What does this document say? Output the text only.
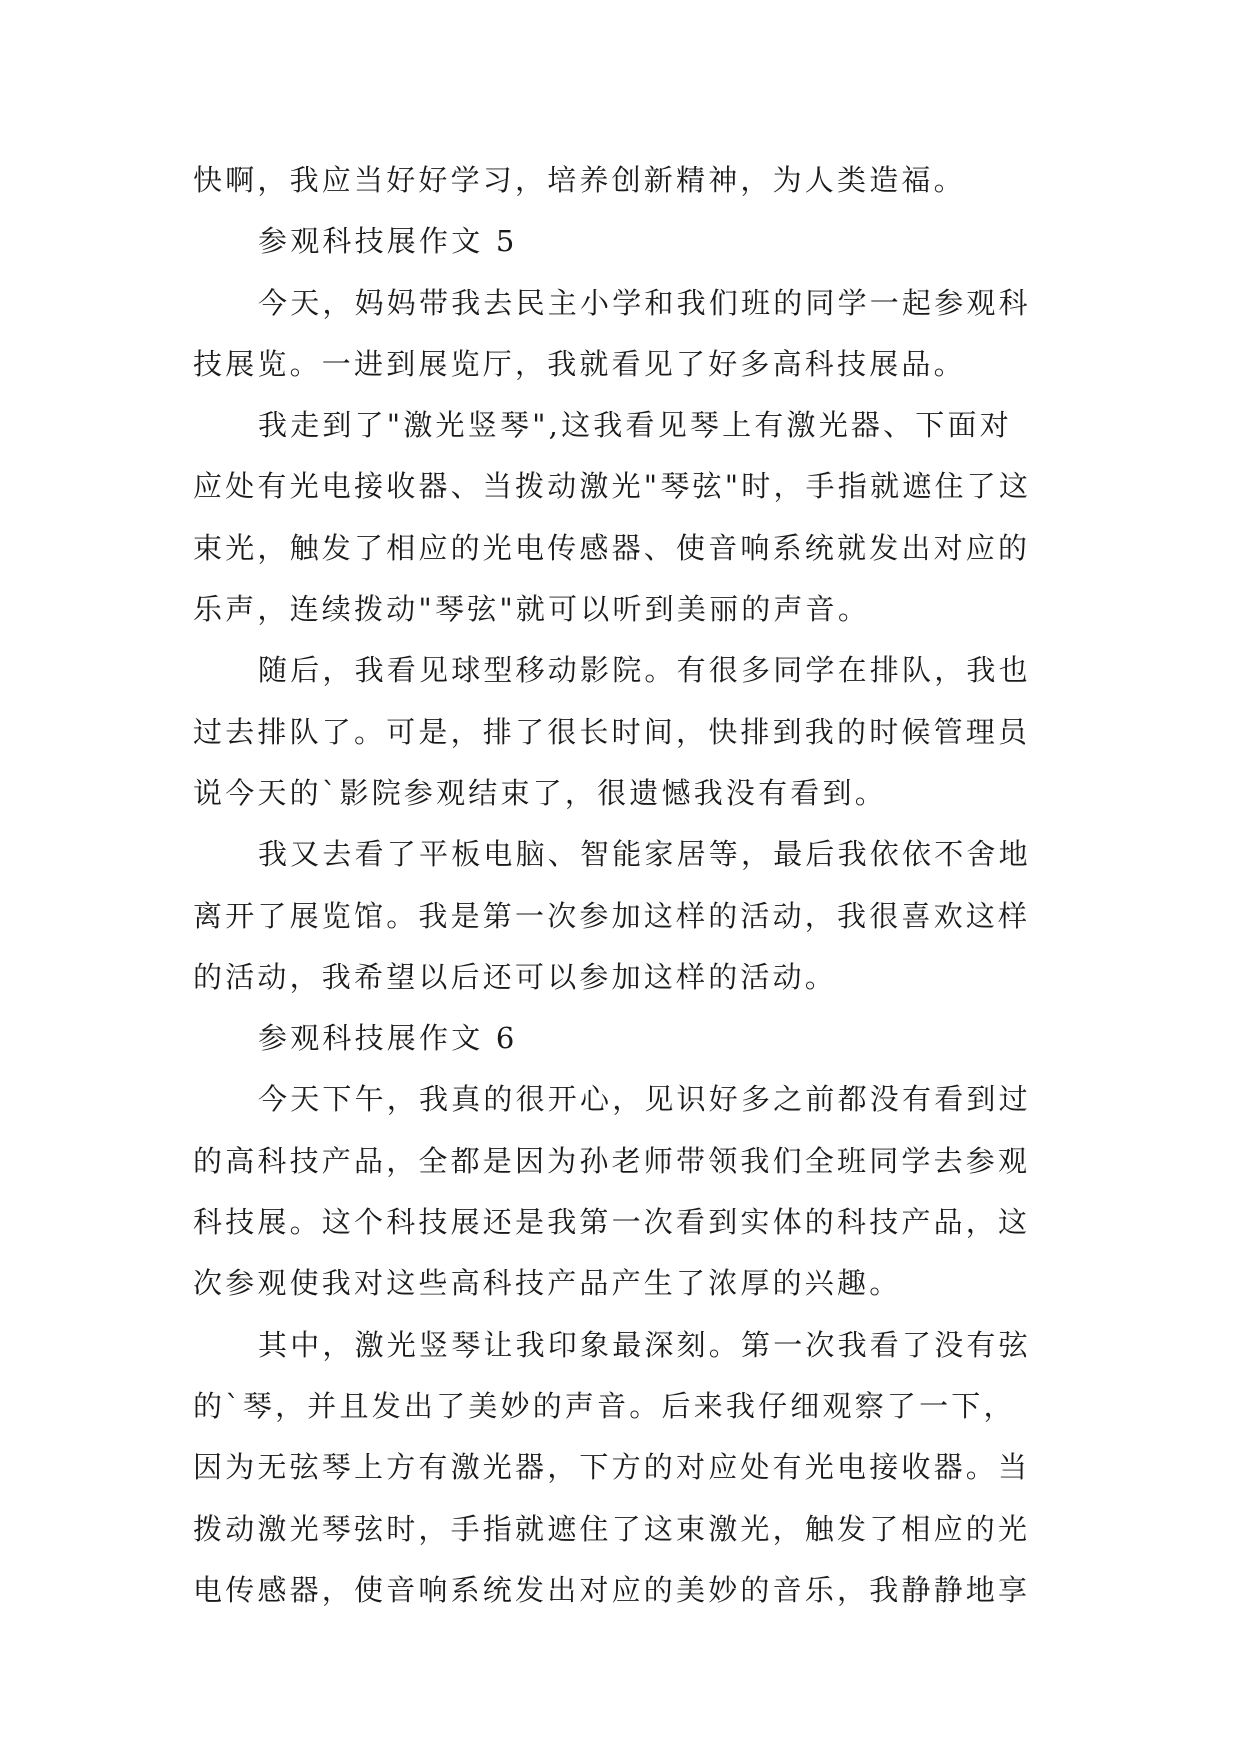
快啊，我应当好好学习，培养创新精神，为人类造福。
参观科技展作文 5
今天，妈妈带我去民主小学和我们班的同学一起参观科
技展览。一进到展览厅，我就看见了好多高科技展品。
我走到了"激光竖琴",这我看见琴上有激光器、下面对
应处有光电接收器、当拨动激光"琴弦"时，手指就遮住了这
束光，触发了相应的光电传感器、使音响系统就发出对应的
乐声，连续拨动"琴弦"就可以听到美丽的声音。
随后，我看见球型移动影院。有很多同学在排队，我也
过去排队了。可是，排了很长时间，快排到我的时候管理员
说今天的`影院参观结束了，很遗憾我没有看到。
我又去看了平板电脑、智能家居等，最后我依依不舍地
离开了展览馆。我是第一次参加这样的活动，我很喜欢这样
的活动，我希望以后还可以参加这样的活动。
参观科技展作文 6
今天下午，我真的很开心，见识好多之前都没有看到过
的高科技产品，全都是因为孙老师带领我们全班同学去参观
科技展。这个科技展还是我第一次看到实体的科技产品，这
次参观使我对这些高科技产品产生了浓厚的兴趣。
其中，激光竖琴让我印象最深刻。第一次我看了没有弦
的`琴，并且发出了美妙的声音。后来我仔细观察了一下，
因为无弦琴上方有激光器，下方的对应处有光电接收器。当
拨动激光琴弦时，手指就遮住了这束激光，触发了相应的光
电传感器，使音响系统发出对应的美妙的音乐，我静静地享
